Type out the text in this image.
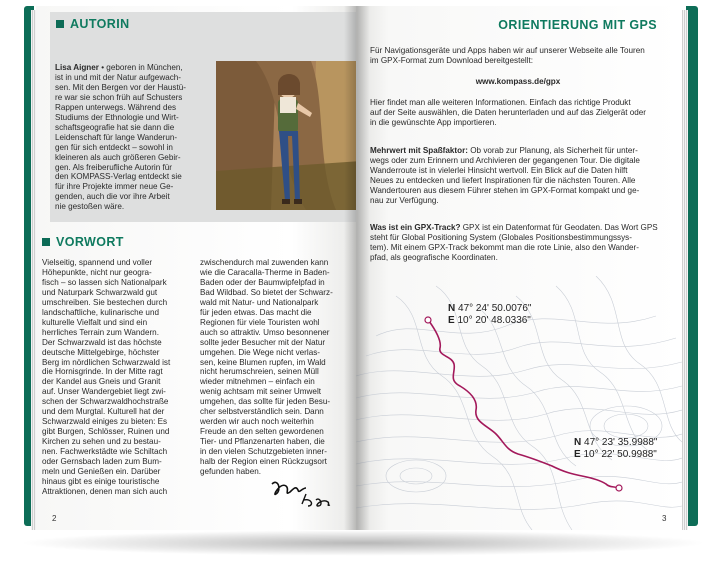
AUTORIN
Lisa Aigner • geboren in München,
ist in und mit der Natur aufgewach-
sen. Mit den Bergen vor der Haustü-
re war sie schon früh auf Schusters
Rappen unterwegs. Während des
Studiums der Ethnologie und Wirt-
schaftsgeografie hat sie dann die
Leidenschaft für lange Wanderun-
gen für sich entdeckt – sowohl in
kleineren als auch größeren Gebir-
gen. Als freiberufliche Autorin für
den KOMPASS-Verlag entdeckt sie
für ihre Projekte immer neue Ge-
genden, auch die vor ihre Arbeit
nie gestoßen wäre.
VORWORT
Vielseitig, spannend und voller
Höhepunkte, nicht nur geogra-
fisch – so lassen sich Nationalpark
und Naturpark Schwarzwald gut
umschreiben. Sie bestechen durch
landschaftliche, kulinarische und
kulturelle Vielfalt und sind ein
herrliches Terrain zum Wandern.
Der Schwarzwald ist das höchste
deutsche Mittelgebirge, höchster
Berg im nördlichen Schwarzwald ist
die Hornisgrinde. In der Mitte ragt
der Kandel aus Gneis und Granit
auf. Unser Wandergebiet liegt zwi-
schen der Schwarzwaldhochstraße
und dem Murgtal. Kulturell hat der
Schwarzwald einiges zu bieten: Es
gibt Burgen, Schlösser, Ruinen und
Kirchen zu sehen und zu bestau-
nen. Fachwerkstädte wie Schiltach
oder Gernsbach laden zum Bum-
meln und Genießen ein. Darüber
hinaus gibt es einige touristische
Attraktionen, denen man sich auch
zwischendurch mal zuwenden kann
wie die Caracalla-Therme in Baden-
Baden oder der Baumwipfelpfad in
Bad Wildbad. So bietet der Schwarz-
wald mit Natur- und Nationalpark
für jeden etwas. Das macht die
Regionen für viele Touristen wohl
auch so attraktiv. Umso besonnener
sollte jeder Besucher mit der Natur
umgehen. Die Wege nicht verlas-
sen, keine Blumen rupfen, im Wald
nicht herumschreien, seinen Müll
wieder mitnehmen – einfach ein
wenig achtsam mit seiner Umwelt
umgehen, das sollte für jeden Besu-
cher selbstverständlich sein. Dann
werden wir auch noch weiterhin
Freude an den selten gewordenen
Tier- und Pflanzenarten haben, die
in den vielen Schutzgebieten inner-
halb der Region einen Rückzugsort
gefunden haben.
2
ORIENTIERUNG MIT GPS
Für Navigationsgeräte und Apps haben wir auf unserer Webseite alle Touren
im GPX-Format zum Download bereitgestellt:
www.kompass.de/gpx
Hier findet man alle weiteren Informationen. Einfach das richtige Produkt
auf der Seite auswählen, die Daten herunterladen und auf das Zielgerät oder
in die gewünschte App importieren.
Mehrwert mit Spaßfaktor: Ob vorab zur Planung, als Sicherheit für unter-
wegs oder zum Erinnern und Archivieren der gegangenen Tour. Die digitale
Wanderroute ist in vielerlei Hinsicht wertvoll. Ein Blick auf die Daten hilft
Neues zu entdecken und liefert Inspirationen für die nächsten Touren. Alle
Wandertouren aus diesem Führer stehen im GPX-Format kompakt und ge-
nau zur Verfügung.
Was ist ein GPX-Track? GPX ist ein Datenformat für Geodaten. Das Wort GPS
steht für Global Positioning System (Globales Positionsbestimmungssys-
tem). Mit einem GPX-Track bekommt man die rote Linie, also den Wander-
pfad, als geografische Koordinaten.
N 47° 24' 50.0076"
E 10° 20' 48.0336"
N 47° 23' 35.9988"
E 10° 22' 50.9988"
3
